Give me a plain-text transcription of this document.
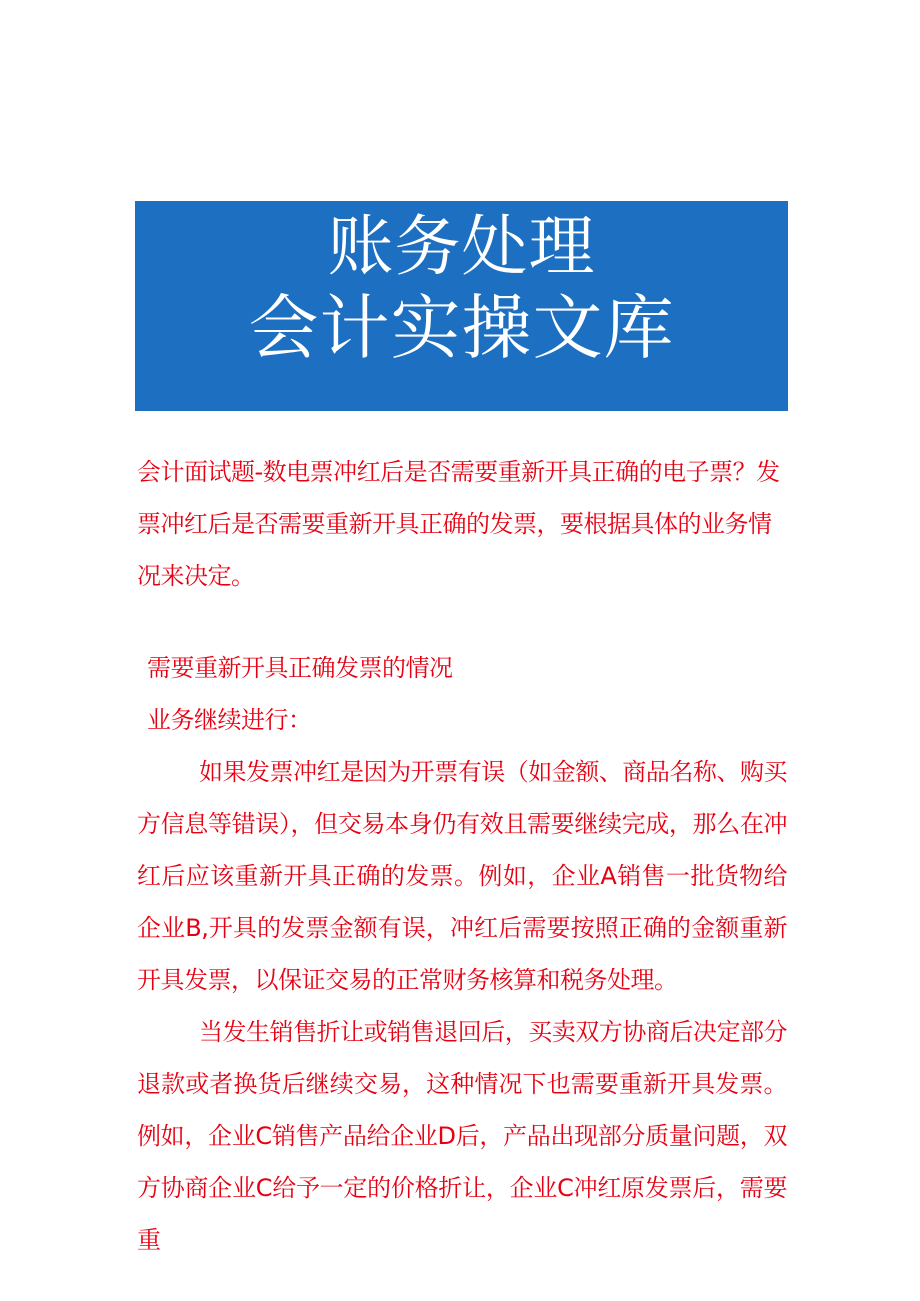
账务处理
会计实操文库

会计面试题-数电票冲红后是否需要重新开具正确的电子票？发票冲红后是否需要重新开具正确的发票，要根据具体的业务情况来决定。

需要重新开具正确发票的情况

业务继续进行：

如果发票冲红是因为开票有误（如金额、商品名称、购买方信息等错误），但交易本身仍有效且需要继续完成，那么在冲红后应该重新开具正确的发票。例如，企业A销售一批货物给企业B,开具的发票金额有误，冲红后需要按照正确的金额重新开具发票，以保证交易的正常财务核算和税务处理。

当发生销售折让或销售退回后，买卖双方协商后决定部分退款或者换货后继续交易，这种情况下也需要重新开具发票。例如，企业C销售产品给企业D后，产品出现部分质量问题，双方协商企业C给予一定的价格折让，企业C冲红原发票后，需要重
